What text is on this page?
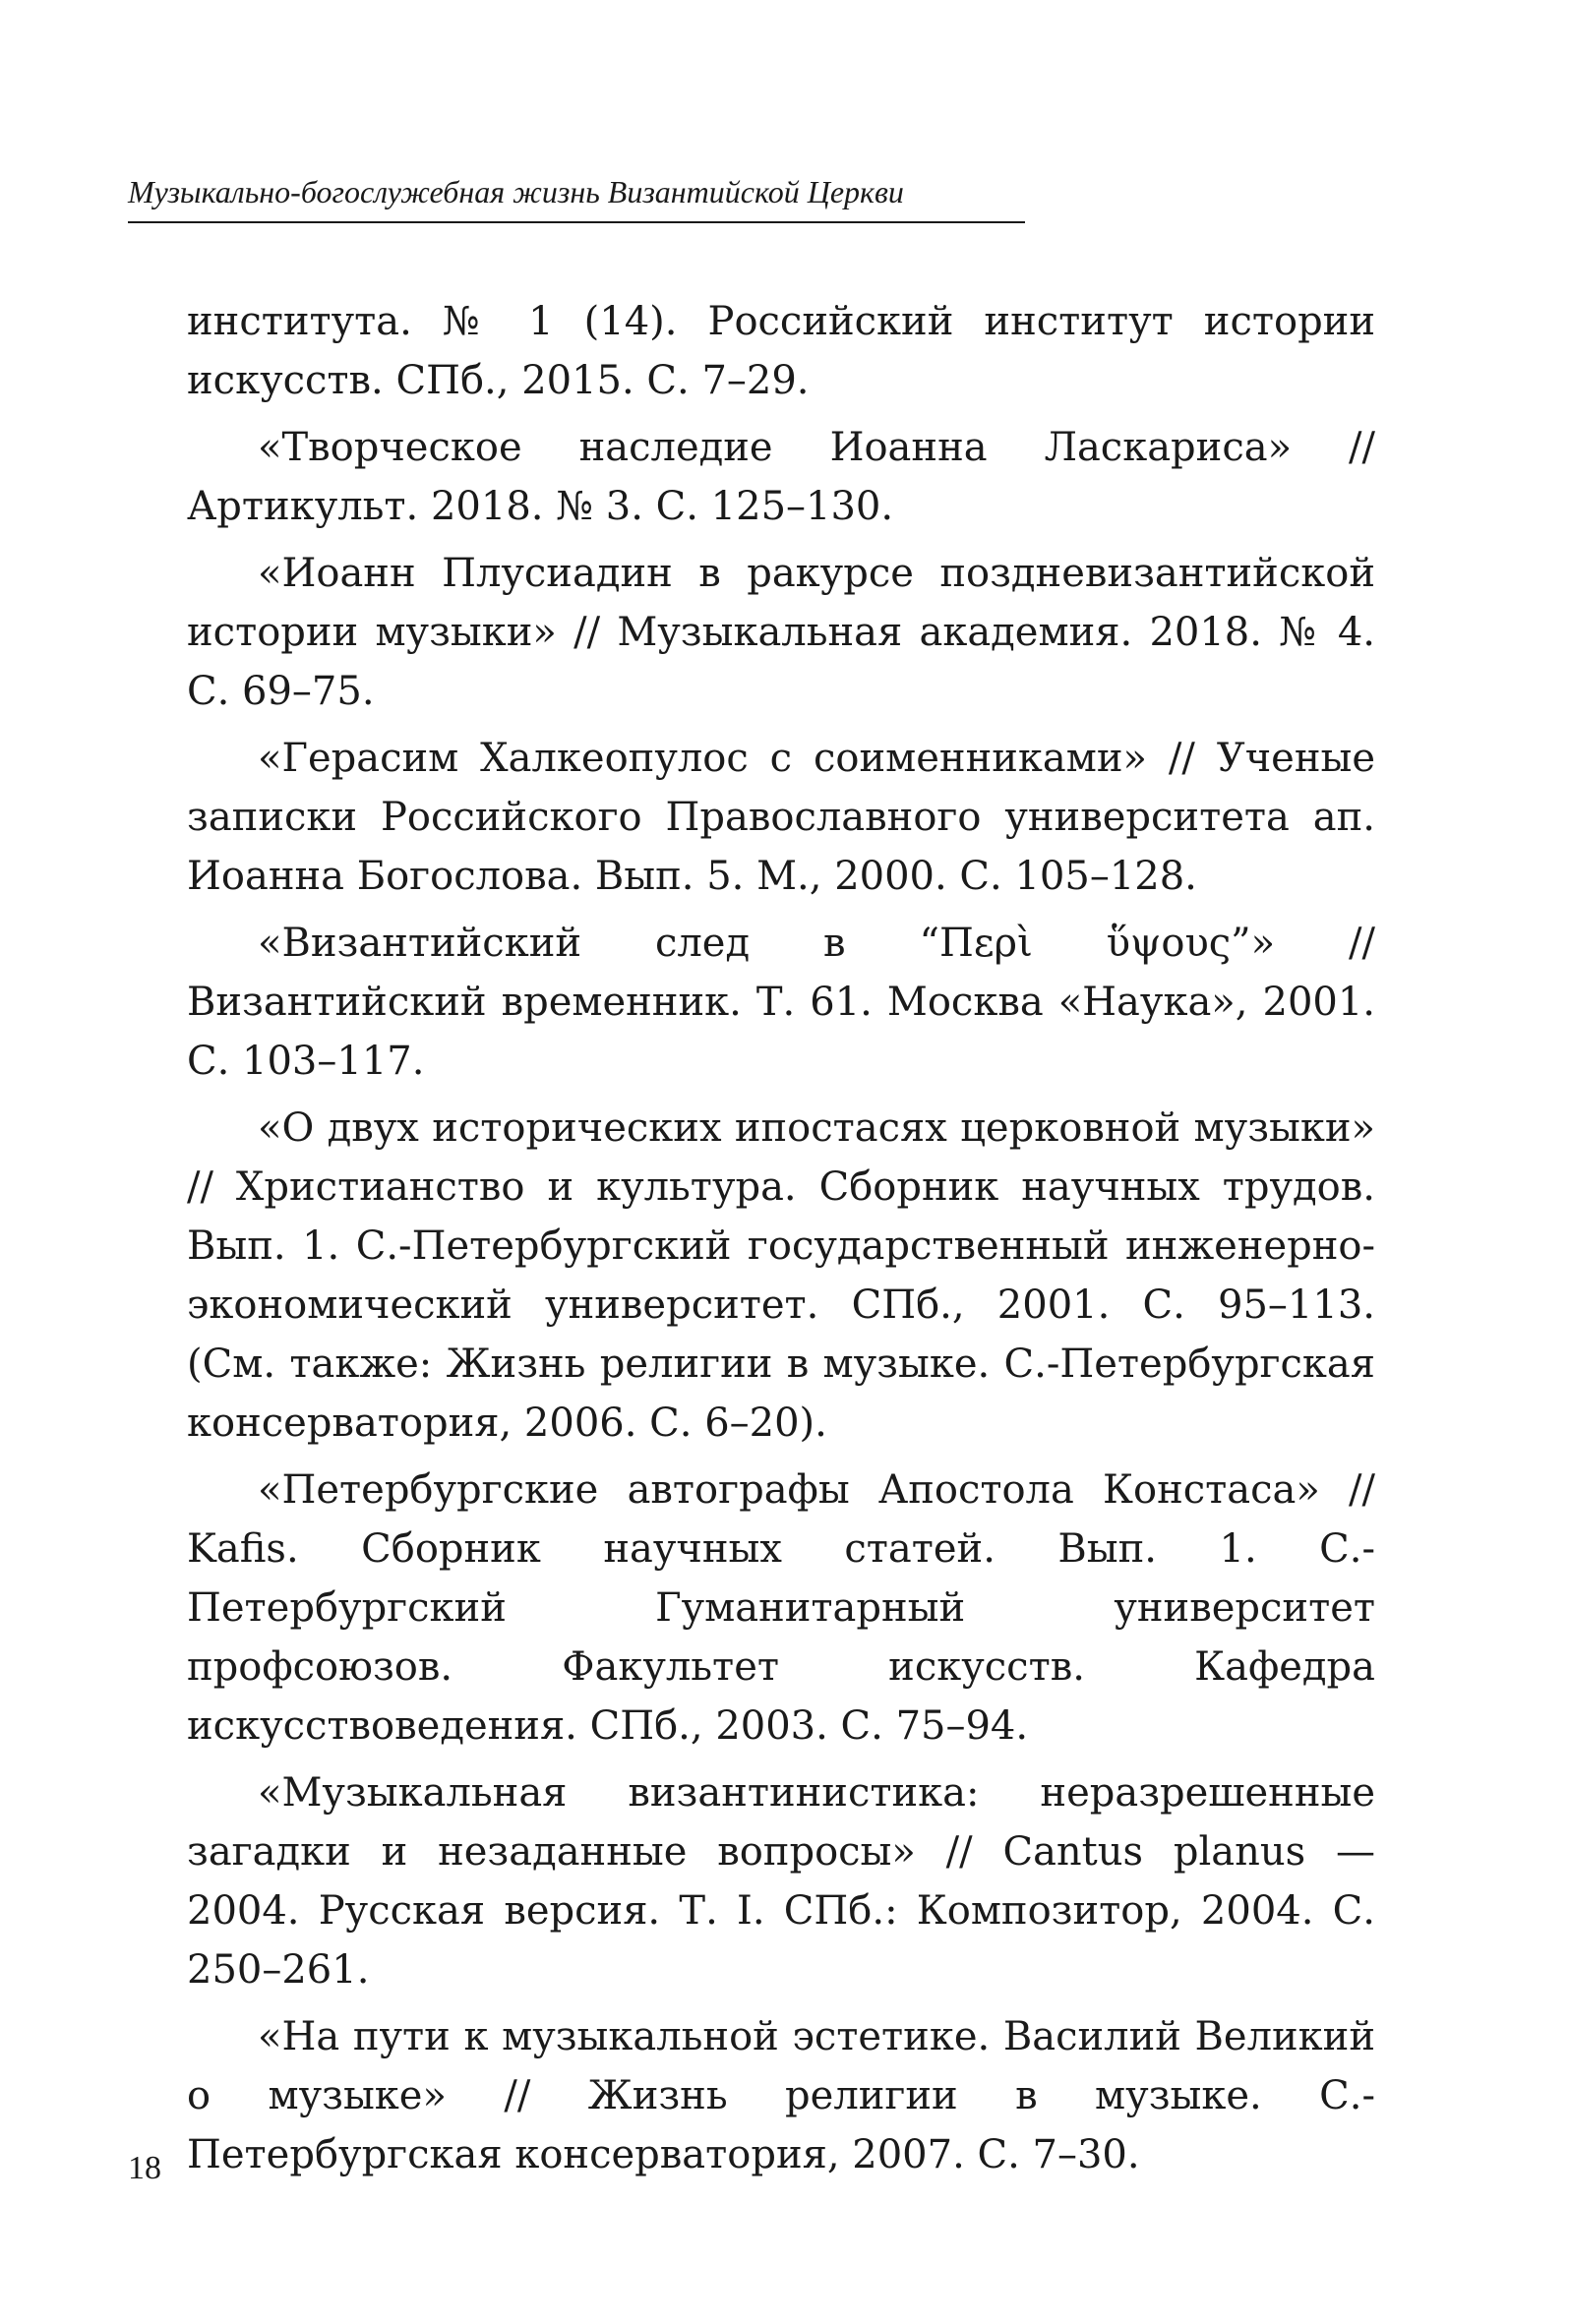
Музыкально-богослужебная жизнь Византийской Церкви

института. № 1 (14). Российский институт истории искусств. СПб., 2015. С. 7–29.

«Творческое наследие Иоанна Ласкариса» // Артикульт. 2018. № 3. С. 125–130.

«Иоанн Плусиадин в ракурсе поздневизантийской истории музыки» // Музыкальная академия. 2018. № 4. С. 69–75.

«Герасим Халкеопулос с соименниками» // Ученые записки Российского Православного университета ап. Иоанна Богослова. Вып. 5. М., 2000. С. 105–128.

«Византийский след в “Περὶ ὕψους”» // Византийский временник. Т. 61. Москва «Наука», 2001. С. 103–117.

«О двух исторических ипостасях церковной музыки» // Христианство и культура. Сборник научных трудов. Вып. 1. С.-Петербургский государственный инженерно-экономический университет. СПб., 2001. С. 95–113. (См. также: Жизнь религии в музыке. С.-Петербургская консерватория, 2006. С. 6–20).

«Петербургские автографы Апостола Констаса» // Kafis. Сборник научных статей. Вып. 1. С.-Петербургский Гуманитарный университет профсоюзов. Факультет искусств. Кафедра искусствоведения. СПб., 2003. С. 75–94.

«Музыкальная византинистика: неразрешенные загадки и незаданные вопросы» // Cantus planus — 2004. Русская версия. Т. I. СПб.: Композитор, 2004. С. 250–261.

«На пути к музыкальной эстетике. Василий Великий о музыке» // Жизнь религии в музыке. С.-Петербургская консерватория, 2007. С. 7–30.

18
